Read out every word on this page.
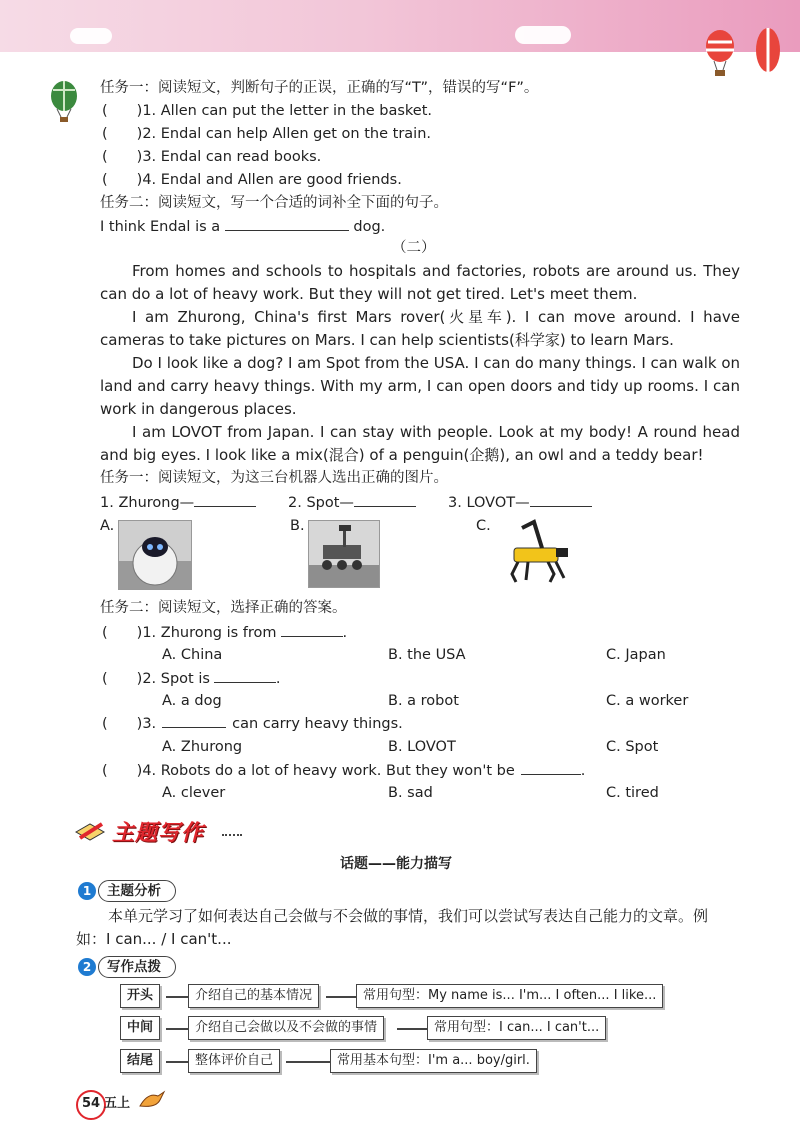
任务一：阅读短文，判断句子的正误，正确的写“T”，错误的写“F”。
(　　)1. Allen can put the letter in the basket.
(　　)2. Endal can help Allen get on the train.
(　　)3. Endal can read books.
(　　)4. Endal and Allen are good friends.
任务二：阅读短文，写一个合适的词补全下面的句子。
I think Endal is a	dog.
（二）
From homes and schools to hospitals and factories, robots are around us. They can do a lot of heavy work. But they will not get tired. Let's meet them.
I am Zhurong, China's first Mars rover(火星车). I can move around. I have cameras to take pictures on Mars. I can help scientists(科学家) to learn Mars.
Do I look like a dog? I am Spot from the USA. I can do many things. I can walk on land and carry heavy things. With my arm, I can open doors and tidy up rooms. I can work in dangerous places.
I am LOVOT from Japan. I can stay with people. Look at my body! A round head and big eyes. I look like a mix(混合) of a penguin(企鹅), an owl and a teddy bear!
任务一：阅读短文，为这三台机器人选出正确的图片。
1. Zhurong—	2. Spot—	3. LOVOT—
A.	B.	C.
任务二：阅读短文，选择正确的答案。
(　　)1. Zhurong is from	.
A. China	B. the USA	C. Japan
(　　)2. Spot is	.
A. a dog	B. a robot	C. a worker
(　　)3.	can carry heavy things.
A. Zhurong	B. LOVOT	C. Spot
(　　)4. Robots do a lot of heavy work. But they won't be	.
A. clever	B. sad	C. tired
主题写作
话题——能力描写
1	主题分析
本单元学习了如何表达自己会做与不会做的事情，我们可以尝试写表达自己能力的文章。例如：I can... / I can't...
2	写作点拨
开头	介绍自己的基本情况	常用句型：My name is... I'm... I often... I like...
中间	介绍自己会做以及不会做的事情	常用句型：I can... I can't...
结尾	整体评价自己	常用基本句型：I'm a... boy/girl.
54 五上
